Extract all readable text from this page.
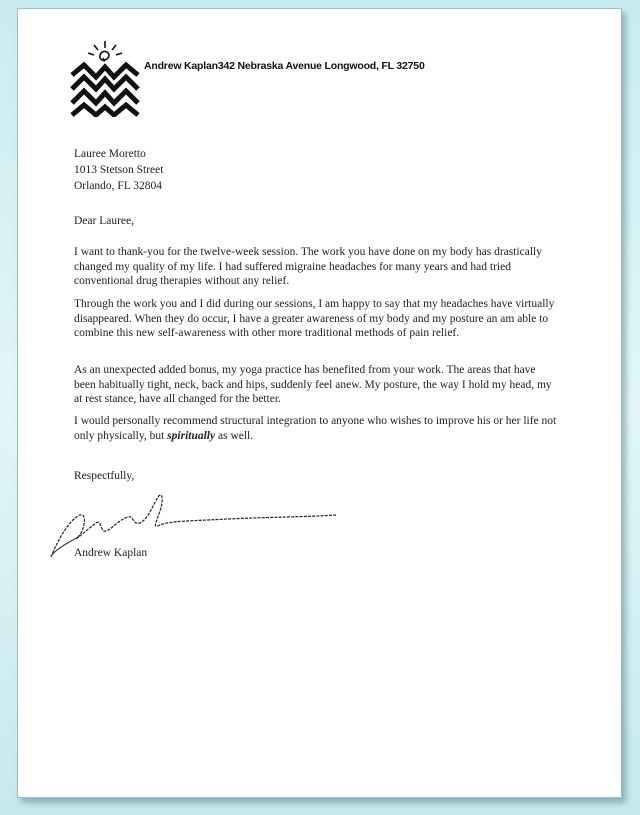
Andrew Kaplan342 Nebraska Avenue Longwood, FL 32750
Lauree Moretto
1013 Stetson Street
Orlando, FL 32804
Dear Lauree,
I want to thank-you for the twelve-week session. The work you have done on my body has drastically
changed my quality of my life. I had suffered migraine headaches for many years and had tried
conventional drug therapies without any relief.
Through the work you and I did during our sessions, I am happy to say that my headaches have virtually
disappeared. When they do occur, I have a greater awareness of my body and my posture an am able to
combine this new self-awareness with other more traditional methods of pain relief.
As an unexpected added bonus, my yoga practice has benefited from your work. The areas that have
been habitually tight, neck, back and hips, suddenly feel anew. My posture, the way I hold my head, my
at rest stance, have all changed for the better.
I would personally recommend structural integration to anyone who wishes to improve his or her life not
only physically, but spiritually as well.
Respectfully,
Andrew Kaplan
